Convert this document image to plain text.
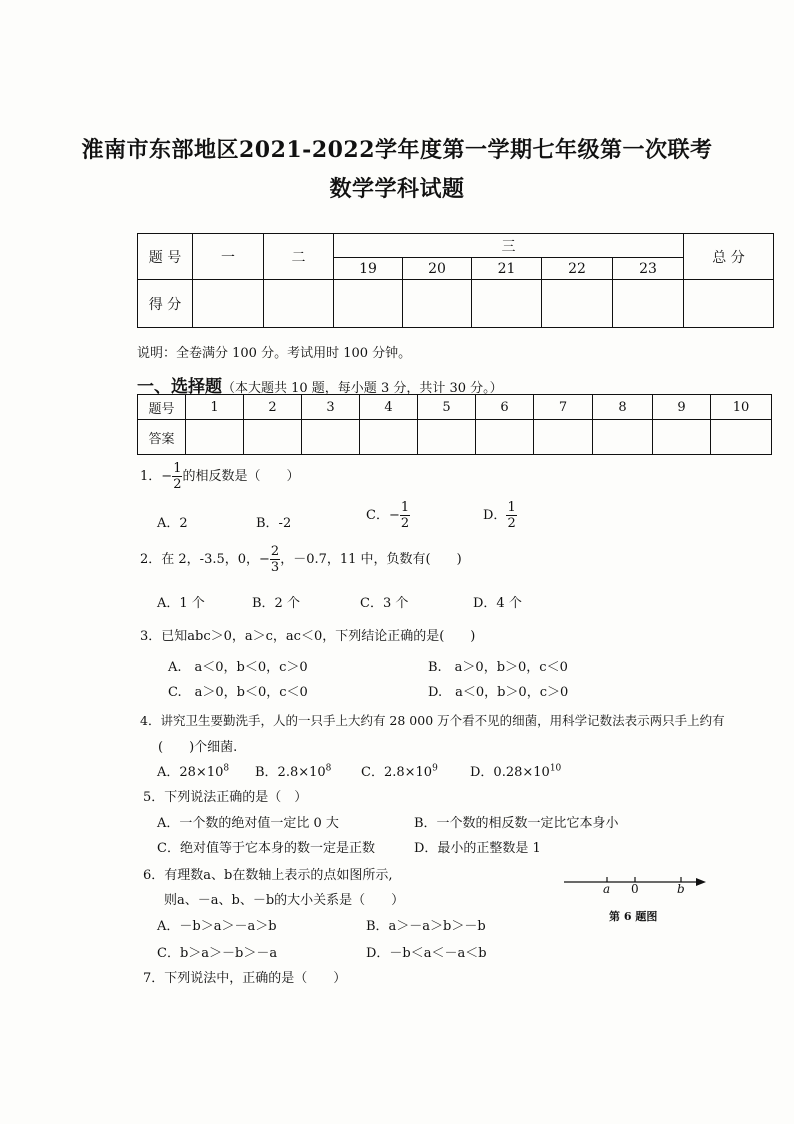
淮南市东部地区2021-2022学年度第一学期七年级第一次联考
数学学科试题
题 号	一	二	三					总 分
			19	20	21	22	23	
得 分								
说明：全卷满分 100 分。考试用时 100 分钟。
一、选择题（本大题共 10 题，每小题 3 分，共计 30 分。）
题号	1	2	3	4	5	6	7	8	9	10
答案										
1．− $\frac{1}{2}$ 的相反数是（　　）
A．2	B．-2
C．− $\frac{1}{2}$	D． $\frac{1}{2}$
2．在 2，-3.5，0，− $\frac{2}{3}$ ，－0.7，11 中，负数有(　　)
A．1 个	B．2 个	C．3 个	D．4 个
3．已知abc＞0，a＞c，ac＜0，下列结论正确的是(　　)
A.　a＜0，b＜0，c＞0	B.　a＞0，b＞0，c＜0
C.　a＞0，b＜0，c＜0	D.　a＜0，b＞0，c＞0
4．讲究卫生要勤洗手，人的一只手上大约有 28 000 万个看不见的细菌，用科学记数法表示两只手上约有
(　　)个细菌.
A．$28\times 10^8$ B．$2.8\times 10^8$ C．$2.8\times 10^9$ D．$0.28\times 10^{10}$
5．下列说法正确的是（　）
A．一个数的绝对值一定比 0 大	B．一个数的相反数一定比它本身小
C．绝对值等于它本身的数一定是正数	D．最小的正整数是 1
6．有理数a、b在数轴上表示的点如图所示,
则a、－a、b、－b的大小关系是（　　）
A．－b＞a＞－a＞b	B．a＞－a＞b＞－b
C．b＞a＞－b＞－a	D．－b＜a＜－a＜b
a 0	b
第 6 题图
7．下列说法中，正确的是（　　）
